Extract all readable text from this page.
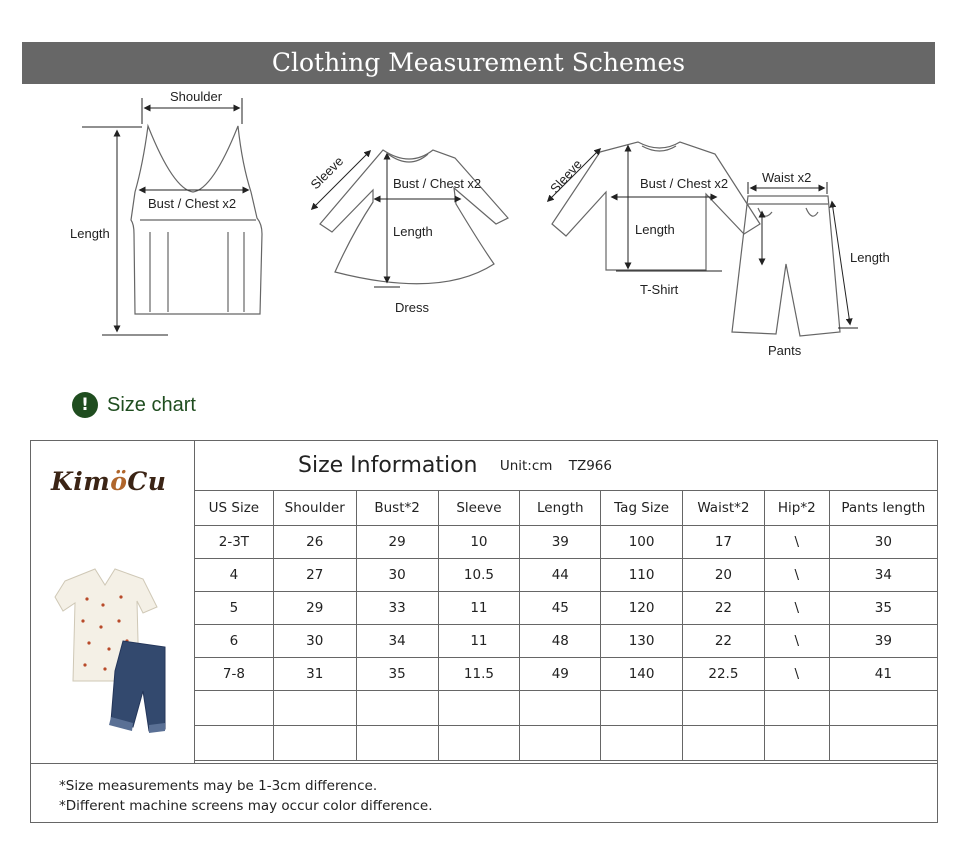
Clothing Measurement Schemes
Shoulder
Length
Bust / Chest x2
Sleeve	Bust / Chest x2
Length
Dress
Sleeve	Bust / Chest x2
Length
T-Shirt
Waist x2
Length
Pants
! Size chart
KimöCu
Size Information Unit:cm TZ966								
US Size	Shoulder	Bust*2	Sleeve	Length	Tag Size	Waist*2	Hip*2	Pants length
2-3T	26	29	10	39	100	17	\	30
4	27	30	10.5	44	110	20	\	34
5	29	33	11	45	120	22	\	35
6	30	34	11	48	130	22	\	39
7-8	31	35	11.5	49	140	22.5	\	41

*Size measurements may be 1-3cm difference.
*Different machine screens may occur color difference.
